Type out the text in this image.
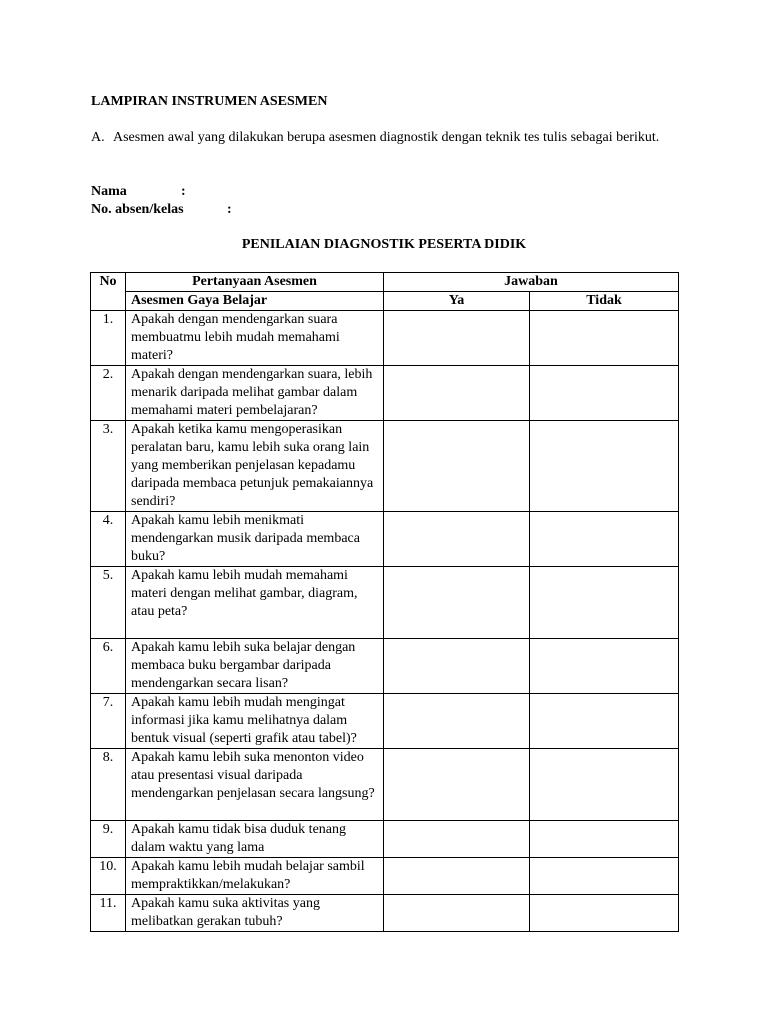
LAMPIRAN INSTRUMEN ASESMEN
A. Asesmen awal yang dilakukan berupa asesmen diagnostik dengan teknik tes tulis sebagai berikut.
Nama	:
No. absen/kelas	:
PENILAIAN DIAGNOSTIK PESERTA DIDIK
No	Pertanyaan Asesmen	Jawaban	
	Asesmen Gaya Belajar	Ya	Tidak
1.	Apakah dengan mendengarkan suara membuatmu lebih mudah memahami materi?		
2.	Apakah dengan mendengarkan suara, lebih menarik daripada melihat gambar dalam memahami materi pembelajaran?		
3.	Apakah ketika kamu mengoperasikan peralatan baru, kamu lebih suka orang lain yang memberikan penjelasan kepadamu daripada membaca petunjuk pemakaiannya sendiri?		
4.	Apakah kamu lebih menikmati mendengarkan musik daripada membaca buku?		
5.	Apakah kamu lebih mudah memahami materi dengan melihat gambar, diagram, atau peta?		
6.	Apakah kamu lebih suka belajar dengan membaca buku bergambar daripada mendengarkan secara lisan?		
7.	Apakah kamu lebih mudah mengingat informasi jika kamu melihatnya dalam bentuk visual (seperti grafik atau tabel)?		
8.	Apakah kamu lebih suka menonton video atau presentasi visual daripada mendengarkan penjelasan secara langsung?		
9.	Apakah kamu tidak bisa duduk tenang dalam waktu yang lama		
10.	Apakah kamu lebih mudah belajar sambil mempraktikkan/melakukan?		
11.	Apakah kamu suka aktivitas yang melibatkan gerakan tubuh?		
